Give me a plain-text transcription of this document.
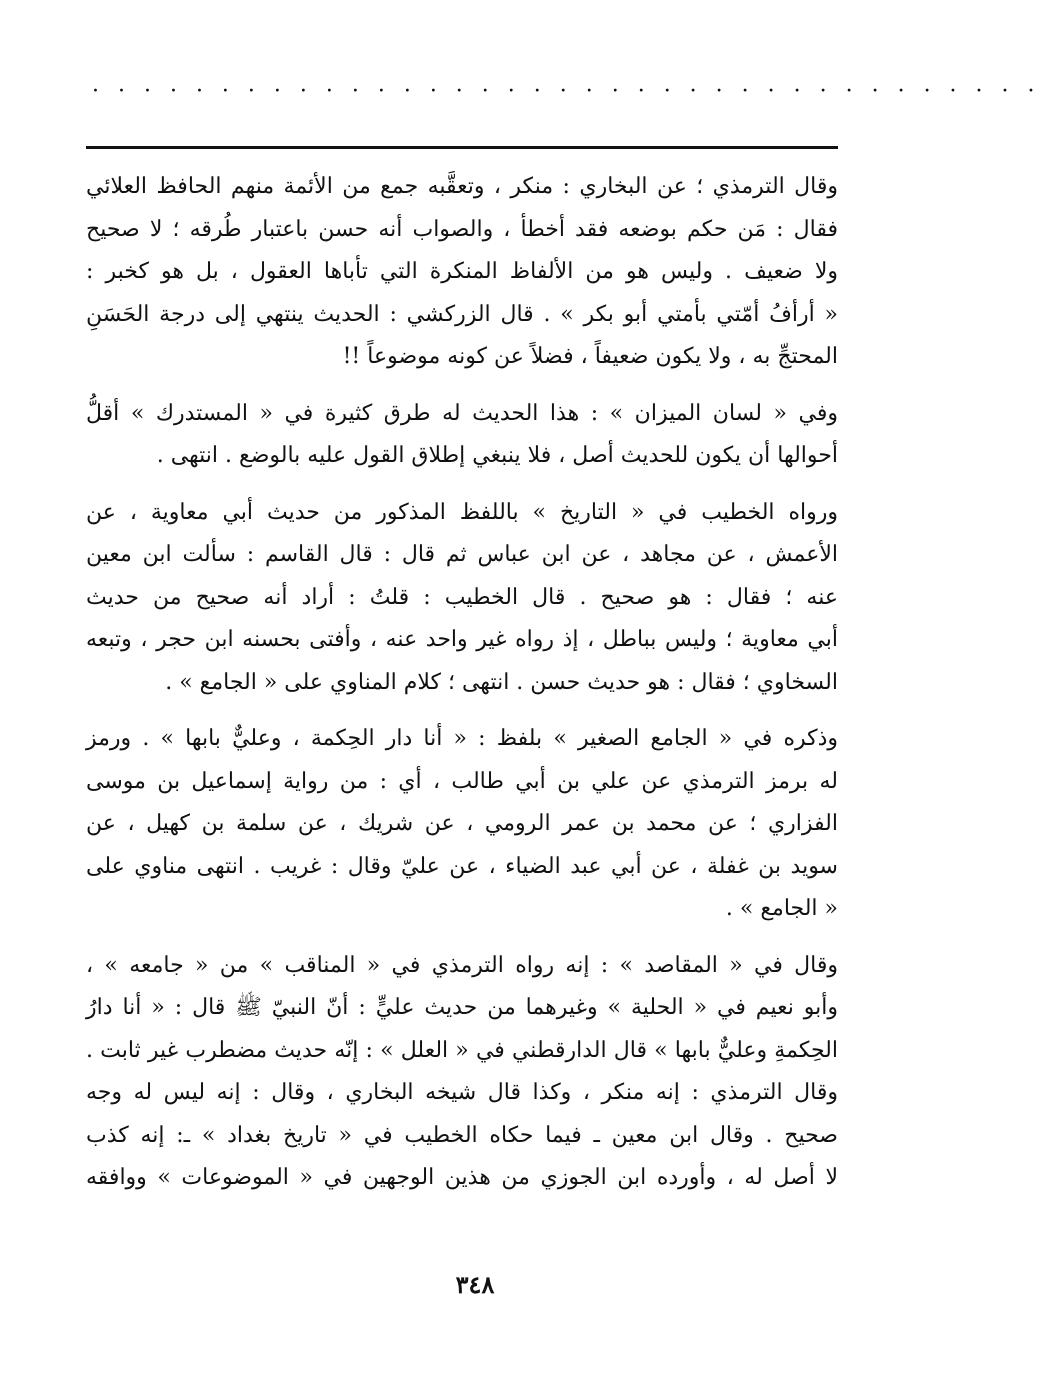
· · · · · · · · · · · · · · · · · · · · · · · · · · · · · · · · · · · · ·
وقال الترمذي ؛ عن البخاري : منكر ، وتعقَّبه جمع من الأئمة منهم الحافظ العلائي
فقال : مَن حكم بوضعه فقد أخطأ ، والصواب أنه حسن باعتبار طُرقه ؛ لا صحيح
ولا ضعيف . وليس هو من الألفاظ المنكرة التي تأباها العقول ، بل هو كخبر :
« أرأفُ أمّتي بأمتي أبو بكر » . قال الزركشي : الحديث ينتهي إلى درجة الحَسَنِ
المحتجِّ به ، ولا يكون ضعيفاً ، فضلاً عن كونه موضوعاً !!
وفي « لسان الميزان » : هذا الحديث له طرق كثيرة في « المستدرك » أقلُّ
أحوالها أن يكون للحديث أصل ، فلا ينبغي إطلاق القول عليه بالوضع . انتهى .
ورواه الخطيب في « التاريخ » باللفظ المذكور من حديث أبي معاوية ، عن
الأعمش ، عن مجاهد ، عن ابن عباس ثم قال : قال القاسم : سألت ابن معين
عنه ؛ فقال : هو صحيح . قال الخطيب : قلتُ : أراد أنه صحيح من حديث
أبي معاوية ؛ وليس بباطل ، إذ رواه غير واحد عنه ، وأفتى بحسنه ابن حجر ، وتبعه
السخاوي ؛ فقال : هو حديث حسن . انتهى ؛ كلام المناوي على « الجامع » .
وذكره في « الجامع الصغير » بلفظ : « أنا دار الحِكمة ، وعليٌّ بابها » . ورمز
له برمز الترمذي عن علي بن أبي طالب ، أي : من رواية إسماعيل بن موسى
الفزاري ؛ عن محمد بن عمر الرومي ، عن شريك ، عن سلمة بن كهيل ، عن
سويد بن غفلة ، عن أبي عبد الضياء ، عن عليّ وقال : غريب . انتهى مناوي على
« الجامع » .
وقال في « المقاصد » : إنه رواه الترمذي في « المناقب » من « جامعه » ،
وأبو نعيم في « الحلية » وغيرهما من حديث عليٍّ : أنّ النبيّ ﷺ قال : « أنا دارُ
الحِكمةِ وعليٌّ بابها » قال الدارقطني في « العلل » : إنّه حديث مضطرب غير ثابت .
وقال الترمذي : إنه منكر ، وكذا قال شيخه البخاري ، وقال : إنه ليس له وجه
صحيح . وقال ابن معين ـ فيما حكاه الخطيب في « تاريخ بغداد » ـ: إنه كذب
لا أصل له ، وأورده ابن الجوزي من هذين الوجهين في « الموضوعات » ووافقه
٣٤٨
